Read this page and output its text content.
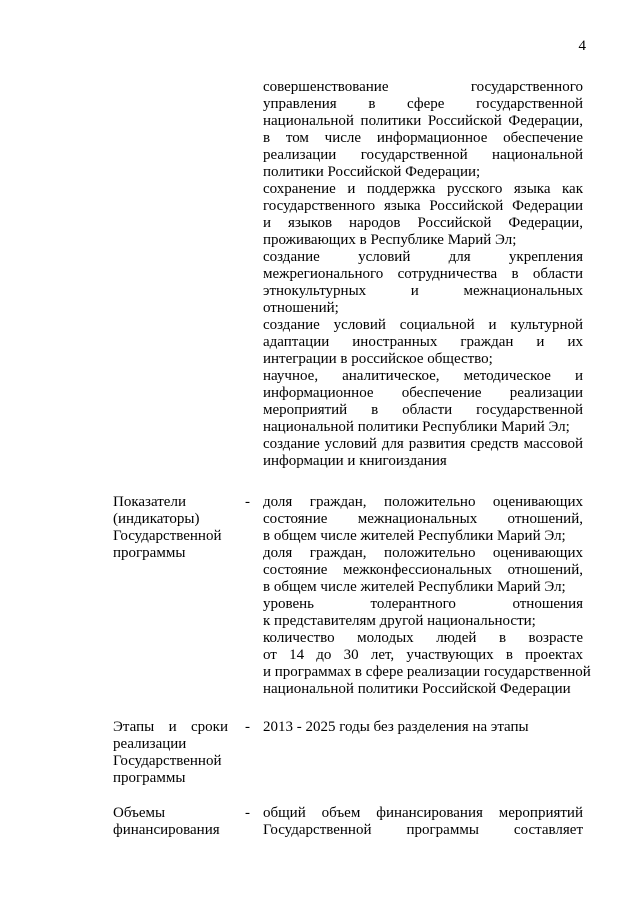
4
совершенствование государственного
управления в сфере государственной
национальной политики Российской Федерации,
в том числе информационное обеспечение
реализации государственной национальной
политики Российской Федерации;
сохранение и поддержка русского языка как
государственного языка Российской Федерации
и языков народов Российской Федерации,
проживающих в Республике Марий Эл;
создание условий для укрепления
межрегионального сотрудничества в области
этнокультурных и межнациональных
отношений;
создание условий социальной и культурной
адаптации иностранных граждан и их
интеграции в российское общество;
научное, аналитическое, методическое и
информационное обеспечение реализации
мероприятий в области государственной
национальной политики Республики Марий Эл;
создание условий для развития средств массовой
информации и книгоиздания
Показатели
(индикаторы)
Государственной
программы
- доля граждан, положительно оценивающих
состояние межнациональных отношений,
в общем числе жителей Республики Марий Эл;
доля граждан, положительно оценивающих
состояние межконфессиональных отношений,
в общем числе жителей Республики Марий Эл;
уровень толерантного отношения
к представителям другой национальности;
количество молодых людей в возрасте
от 14 до 30 лет, участвующих в проектах
и программах в сфере реализации государственной
национальной политики Российской Федерации
Этапы и сроки
реализации
Государственной
программы
- 2013 - 2025 годы без разделения на этапы
Объемы
финансирования
- общий объем финансирования мероприятий
Государственной программы составляет
